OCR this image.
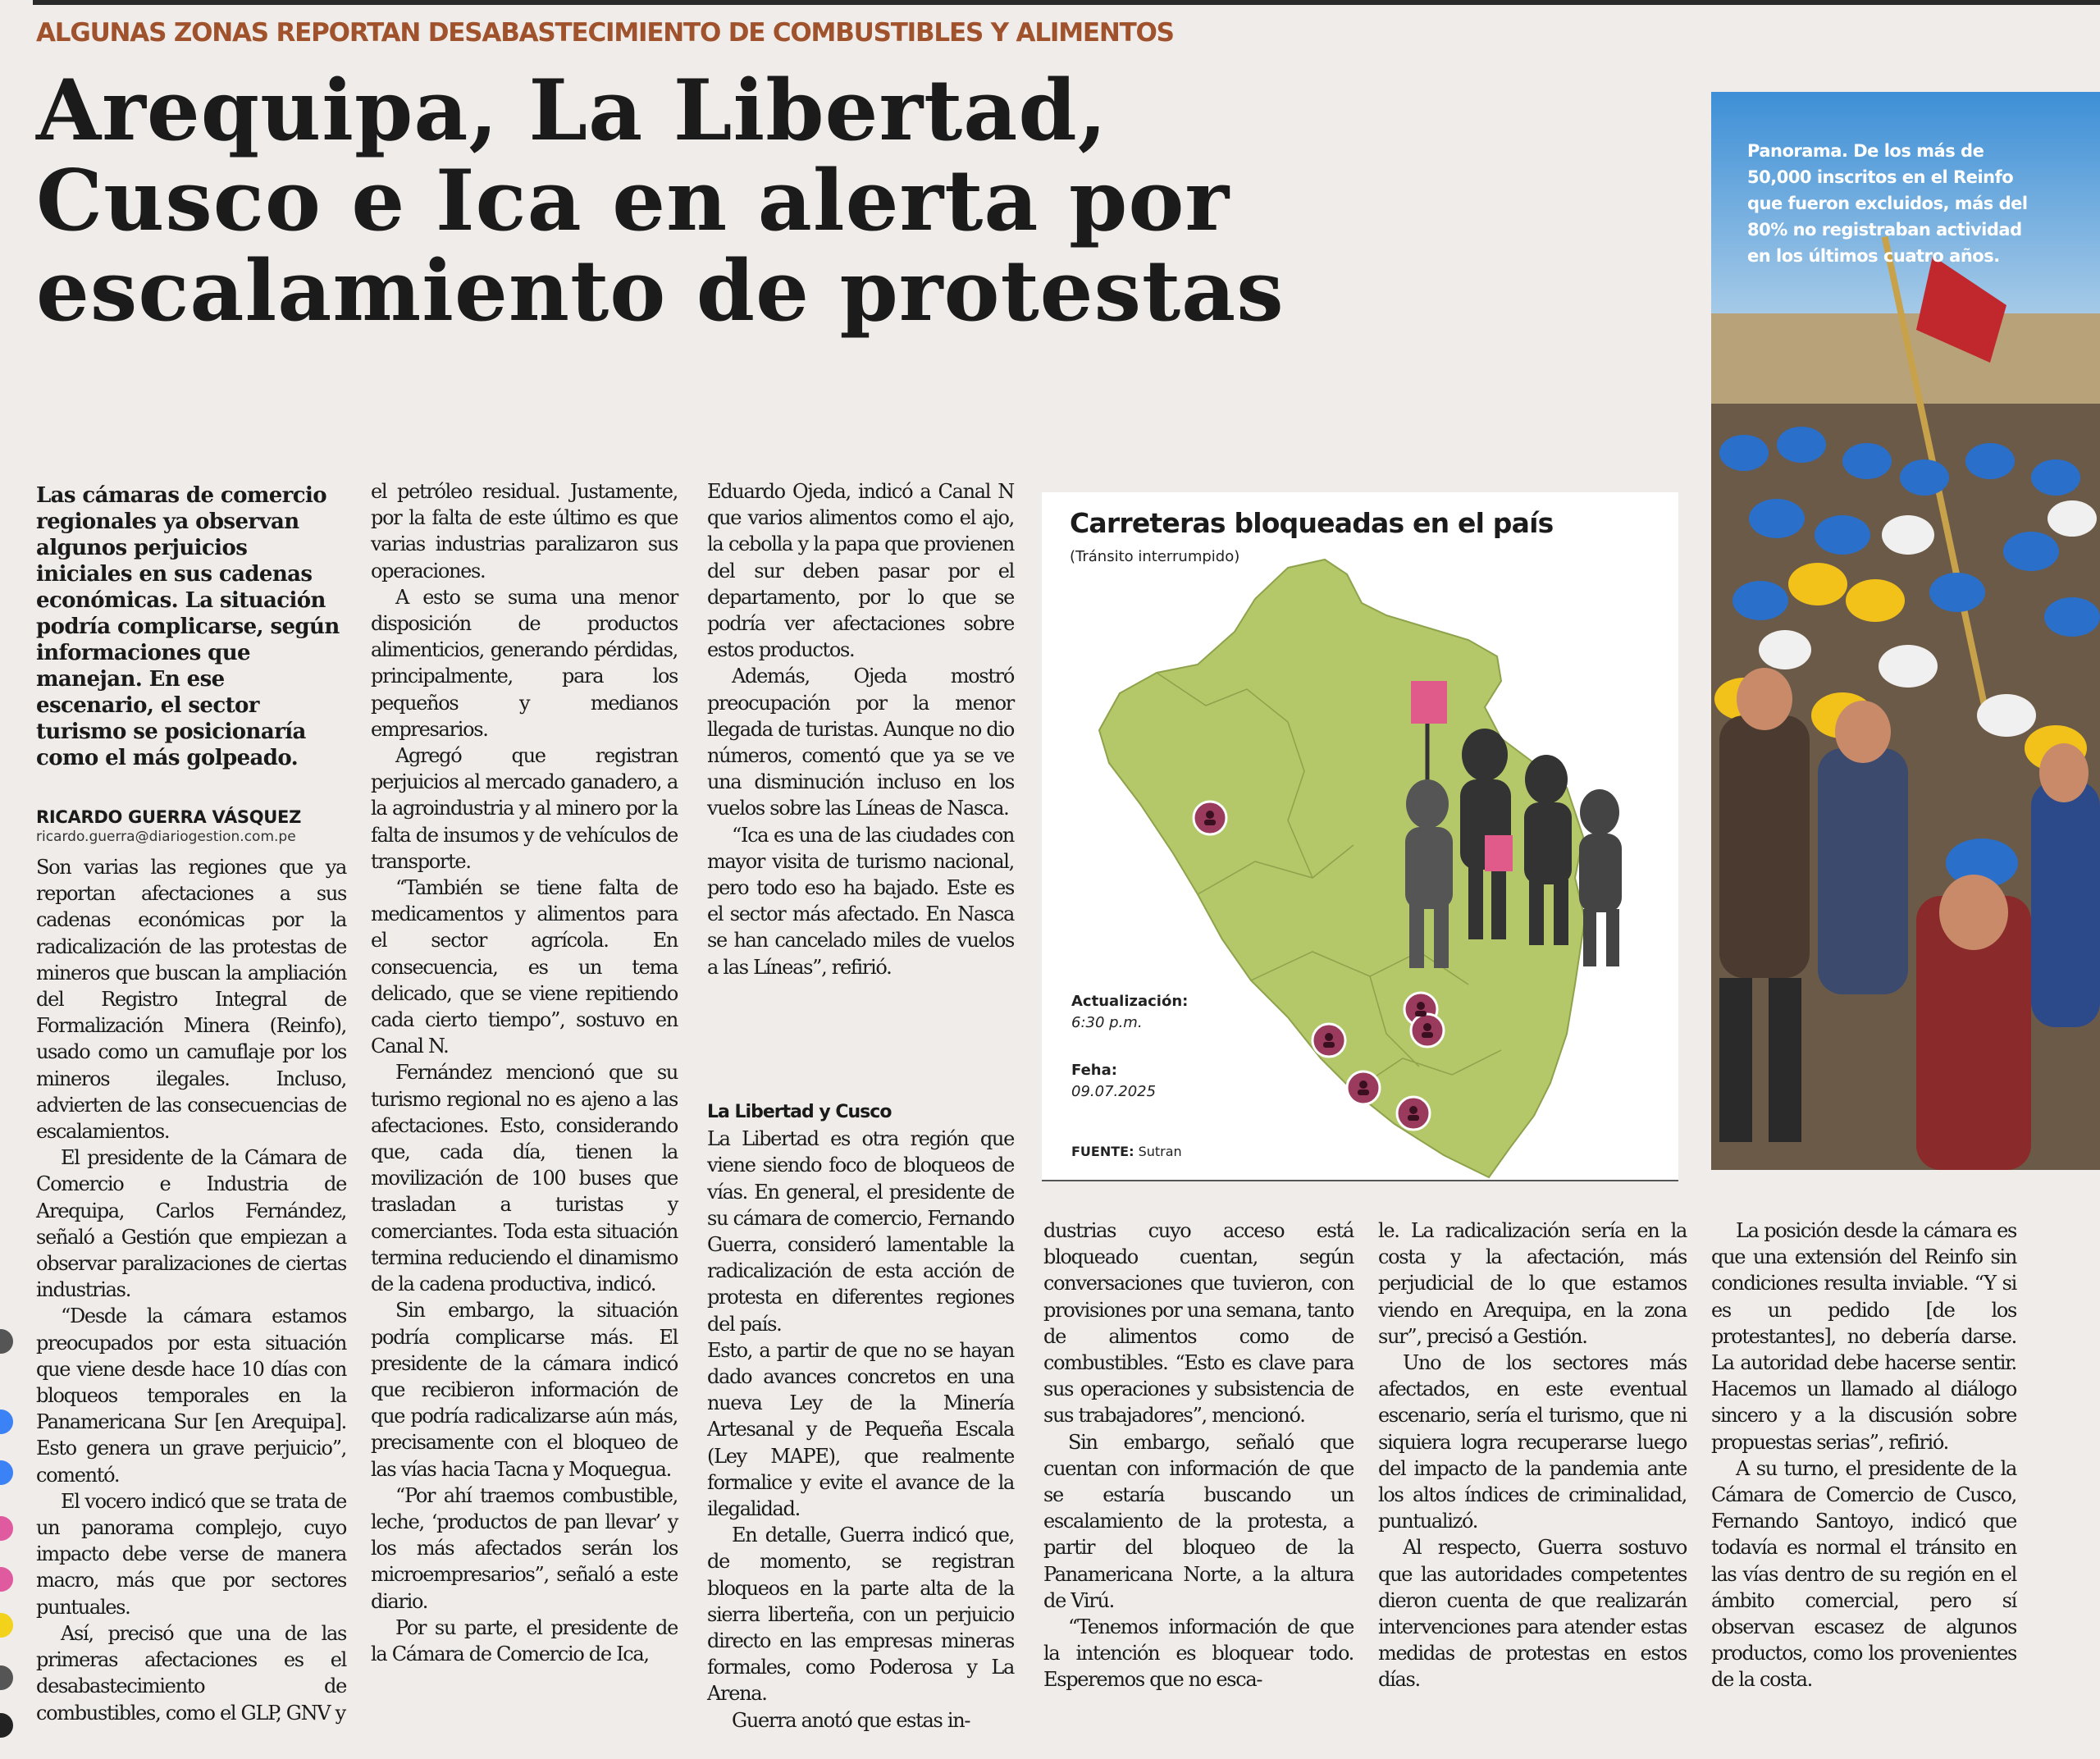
ALGUNAS ZONAS REPORTAN DESABASTECIMIENTO DE COMBUSTIBLES Y ALIMENTOS
Arequipa, La Libertad,
Cusco e Ica en alerta por
escalamiento de protestas

Las cámaras de comercio regionales ya observan algunos perjuicios iniciales en sus cadenas económicas. La situación podría complicarse, según informaciones que manejan. En ese escenario, el sector turismo se posicionaría como el más golpeado.

RICARDO GUERRA VÁSQUEZ
ricardo.guerra@diariogestion.com.pe

Son varias las regiones que ya reportan afectaciones a sus cadenas económicas por la radicalización de las protestas de mineros que buscan la ampliación del Registro Integral de Formalización Minera (Reinfo), usado como un camuflaje por los mineros ilegales. Incluso, advierten de las consecuencias de escalamientos.

El presidente de la Cámara de Comercio e Industria de Arequipa, Carlos Fernández, señaló a Gestión que empiezan a observar paralizaciones de ciertas industrias.

“Desde la cámara estamos preocupados por esta situación que viene desde hace 10 días con bloqueos temporales en la Panamericana Sur [en Arequipa]. Esto genera un grave perjuicio”, comentó.

El vocero indicó que se trata de un panorama complejo, cuyo impacto debe verse de manera macro, más que por sectores puntuales.

Así, precisó que una de las primeras afectaciones es el desabastecimiento de combustibles, como el GLP, GNV y

el petróleo residual. Justamente, por la falta de este último es que varias industrias paralizaron sus operaciones.

A esto se suma una menor disposición de productos alimenticios, generando pérdidas, principalmente, para los pequeños y medianos empresarios.

Agregó que registran perjuicios al mercado ganadero, a la agroindustria y al minero por la falta de insumos y de vehículos de transporte.

“También se tiene falta de medicamentos y alimentos para el sector agrícola. En consecuencia, es un tema delicado, que se viene repitiendo cada cierto tiempo”, sostuvo en Canal N.

Fernández mencionó que su turismo regional no es ajeno a las afectaciones. Esto, considerando que, cada día, tienen la movilización de 100 buses que trasladan a turistas y comerciantes. Toda esta situación termina reduciendo el dinamismo de la cadena productiva, indicó.

Sin embargo, la situación podría complicarse más. El presidente de la cámara indicó que recibieron información de que podría radicalizarse aún más, precisamente con el bloqueo de las vías hacia Tacna y Moquegua.

“Por ahí traemos combustible, leche, ‘productos de pan llevar’ y los más afectados serán los microempresarios”, señaló a este diario.

Por su parte, el presidente de la Cámara de Comercio de Ica,

Eduardo Ojeda, indicó a Canal N que varios alimentos como el ajo, la cebolla y la papa que provienen del sur deben pasar por el departamento, por lo que se podría ver afectaciones sobre estos productos.

Además, Ojeda mostró preocupación por la menor llegada de turistas. Aunque no dio números, comentó que ya se ve una disminución incluso en los vuelos sobre las Líneas de Nasca.

“Ica es una de las ciudades con mayor visita de turismo nacional, pero todo eso ha bajado. Este es el sector más afectado. En Nasca se han cancelado miles de vuelos a las Líneas”, refirió.

La Libertad y Cusco

La Libertad es otra región que viene siendo foco de bloqueos de vías. En general, el presidente de su cámara de comercio, Fernando Guerra, consideró lamentable la radicalización de esta acción de protesta en diferentes regiones del país.

Esto, a partir de que no se hayan dado avances concretos en una nueva Ley de la Minería Artesanal y de Pequeña Escala (Ley MAPE), que realmente formalice y evite el avance de la ilegalidad.

En detalle, Guerra indicó que, de momento, se registran bloqueos en la parte alta de la sierra liberteña, con un perjuicio directo en las empresas mineras formales, como Poderosa y La Arena.

Guerra anotó que estas in-

Carreteras bloqueadas en el país
(Tránsito interrumpido)
Actualización:
6:30 p.m.
Feha:
09.07.2025
FUENTE: Sutran
Panorama. De los más de 50,000 inscritos en el Reinfo que fueron excluidos, más del 80% no registraban actividad en los últimos cuatro años.

dustrias cuyo acceso está bloqueado cuentan, según conversaciones que tuvieron, con provisiones por una semana, tanto de alimentos como de combustibles. “Esto es clave para sus operaciones y subsistencia de sus trabajadores”, mencionó.

Sin embargo, señaló que cuentan con información de que se estaría buscando un escalamiento de la protesta, a partir del bloqueo de la Panamericana Norte, a la altura de Virú.

“Tenemos información de que la intención es bloquear todo. Esperemos que no esca-

le. La radicalización sería en la costa y la afectación, más perjudicial de lo que estamos viendo en Arequipa, en la zona sur”, precisó a Gestión.

Uno de los sectores más afectados, en este eventual escenario, sería el turismo, que ni siquiera logra recuperarse luego del impacto de la pandemia ante los altos índices de criminalidad, puntualizó.

Al respecto, Guerra sostuvo que las autoridades competentes dieron cuenta de que realizarán intervenciones para atender estas medidas de protestas en estos días.

La posición desde la cámara es que una extensión del Reinfo sin condiciones resulta inviable. “Y si es un pedido [de los protestantes], no debería darse. La autoridad debe hacerse sentir. Hacemos un llamado al diálogo sincero y a la discusión sobre propuestas serias”, refirió.

A su turno, el presidente de la Cámara de Comercio de Cusco, Fernando Santoyo, indicó que todavía es normal el tránsito en las vías dentro de su región en el ámbito comercial, pero sí observan escasez de algunos productos, como los provenientes de la costa.
